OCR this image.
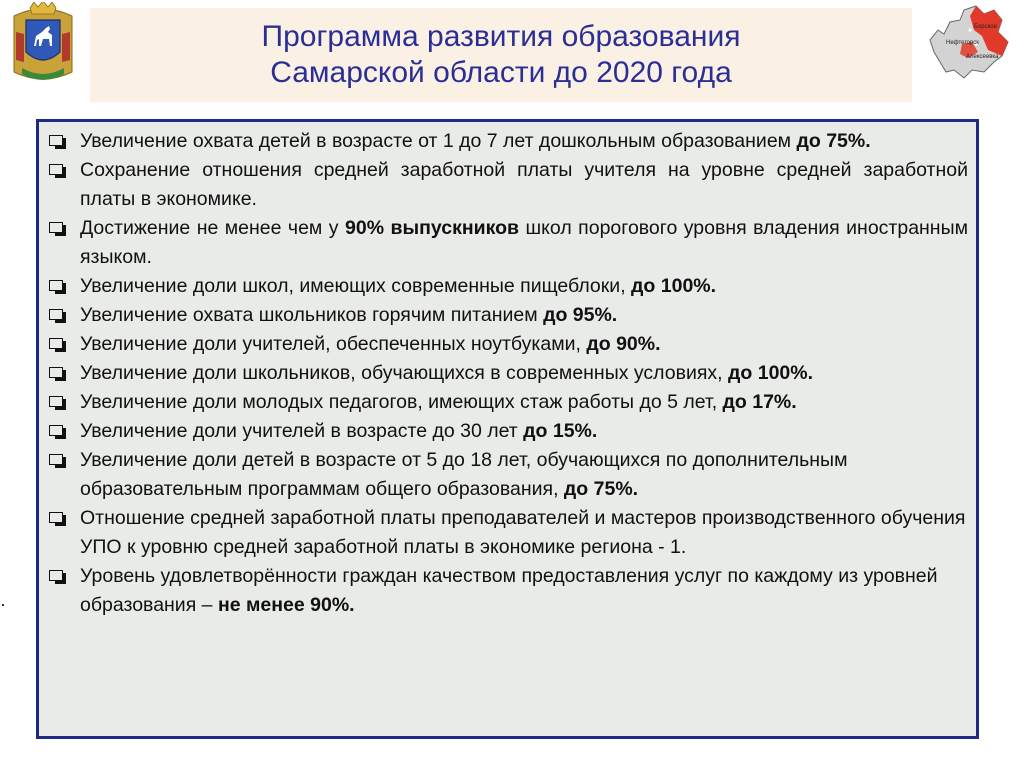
Программа развития образования
Самарской области до 2020 года
Борское
Нефтегорск
Алексеевка
Увеличение охвата детей в возрасте от 1 до 7 лет дошкольным образованием до 75%.
Сохранение отношения средней заработной платы учителя на уровне средней заработной платы в экономике.
Достижение не менее чем у 90% выпускников школ порогового уровня владения иностранным языком.
Увеличение доли школ, имеющих современные пищеблоки, до 100%.
Увеличение охвата школьников горячим питанием до 95%.
Увеличение доли учителей, обеспеченных ноутбуками, до 90%.
Увеличение доли школьников, обучающихся в современных условиях, до 100%.
Увеличение доли молодых педагогов, имеющих стаж работы до 5 лет, до 17%.
Увеличение доли учителей в возрасте до 30 лет до 15%.
Увеличение доли детей в возрасте от 5 до 18 лет, обучающихся по дополнительным образовательным программам общего образования, до 75%.
Отношение средней заработной платы преподавателей и мастеров производственного обучения УПО к уровню средней заработной платы в экономике региона - 1.
Уровень удовлетворённости граждан качеством предоставления услуг по каждому из уровней образования – не менее 90%.
